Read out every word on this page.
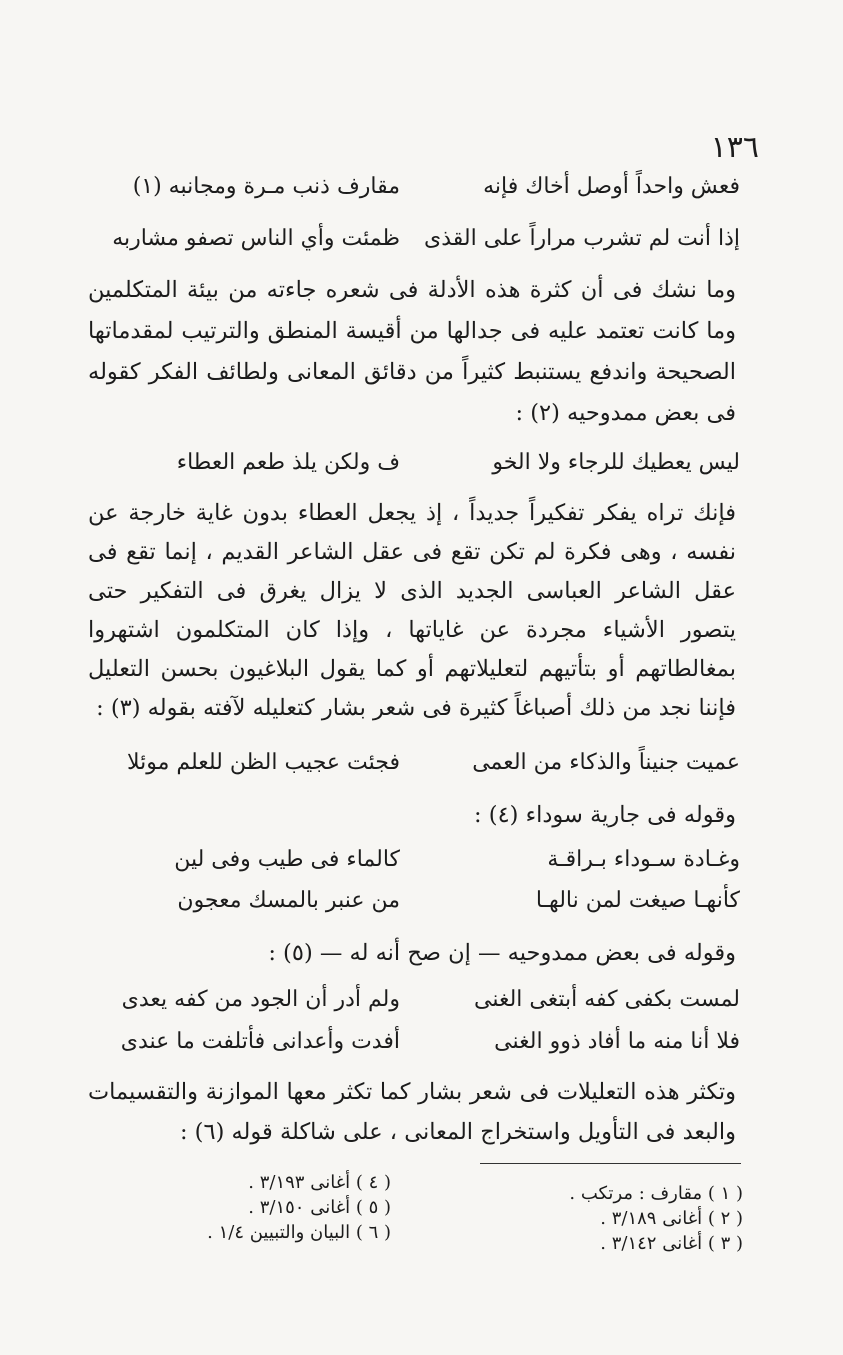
١٣٦
فعش واحداً أوصل أخاك فإنه
مقارف ذنب مـرة ومجانبه (١)
إذا أنت لم تشرب مراراً على القذى
ظمئت وأي الناس تصفو مشاربه
وما نشك فى أن كثرة هذه الأدلة فى شعره جاءته من بيئة المتكلمين وما كانت تعتمد عليه فى جدالها من أقيسة المنطق والترتيب لمقدماتها الصحيحة واندفع يستنبط كثيراً من دقائق المعانى ولطائف الفكر كقوله فى بعض ممدوحيه (٢) :
ليس يعطيك للرجاء ولا الخو
ف ولكن يلذ طعم العطاء
فإنك تراه يفكر تفكيراً جديداً ، إذ يجعل العطاء بدون غاية خارجة عن نفسه ، وهى فكرة لم تكن تقع فى عقل الشاعر القديم ، إنما تقع فى عقل الشاعر العباسى الجديد الذى لا يزال يغرق فى التفكير حتى يتصور الأشياء مجردة عن غاياتها ، وإذا كان المتكلمون اشتهروا بمغالطاتهم أو بتأتيهم لتعليلاتهم أو كما يقول البلاغيون بحسن التعليل فإننا نجد من ذلك أصباغاً كثيرة فى شعر بشار كتعليله لآفته بقوله (٣) :
عميت جنيناً والذكاء من العمى
فجئت عجيب الظن للعلم موئلا
وقوله فى جارية سوداء (٤) :
وغـادة سـوداء بـراقـة
كالماء فى طيب وفى لين
كأنهـا صيغت لمن نالهـا
من عنبر بالمسك معجون
وقوله فى بعض ممدوحيه — إن صح أنه له — (٥) :
لمست بكفى كفه أبتغى الغنى
ولم أدر أن الجود من كفه يعدى
فلا أنا منه ما أفاد ذوو الغنى
أفدت وأعدانى فأتلفت ما عندى
وتكثر هذه التعليلات فى شعر بشار كما تكثر معها الموازنة والتقسيمات والبعد فى التأويل واستخراج المعانى ، على شاكلة قوله (٦) :
( ١ ) مقارف : مرتكب .
( ٢ ) أغانى ٣/١٨٩ .
( ٣ ) أغانى ٣/١٤٢ .
( ٤ ) أغانى ٣/١٩٣ .
( ٥ ) أغانى ٣/١٥٠ .
( ٦ ) البيان والتبيين ١/٤ .
